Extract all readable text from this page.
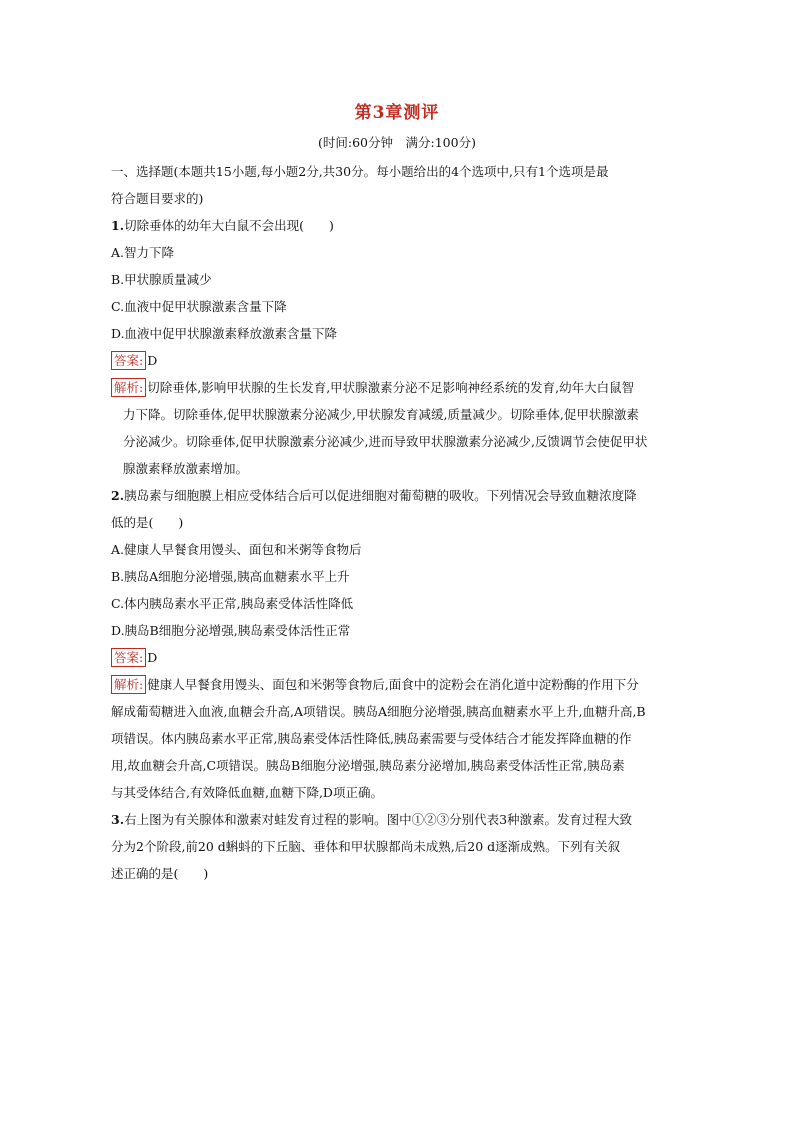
第3章测评
(时间:60分钟　满分:100分)

一、选择题(本题共15小题,每小题2分,共30分。每小题给出的4个选项中,只有1个选项是最

符合题目要求的)

1.切除垂体的幼年大白鼠不会出现(　　)

A.智力下降

B.甲状腺质量减少

C.血液中促甲状腺激素含量下降

D.血液中促甲状腺激素释放激素含量下降

答案: D

解析: 切除垂体,影响甲状腺的生长发育,甲状腺激素分泌不足影响神经系统的发育,幼年大白鼠智

力下降。切除垂体,促甲状腺激素分泌减少,甲状腺发育减缓,质量减少。切除垂体,促甲状腺激素

分泌减少。切除垂体,促甲状腺激素分泌减少,进而导致甲状腺激素分泌减少,反馈调节会使促甲状

腺激素释放激素增加。

2.胰岛素与细胞膜上相应受体结合后可以促进细胞对葡萄糖的吸收。下列情况会导致血糖浓度降

低的是(　　)

A.健康人早餐食用馒头、面包和米粥等食物后

B.胰岛A细胞分泌增强,胰高血糖素水平上升

C.体内胰岛素水平正常,胰岛素受体活性降低

D.胰岛B细胞分泌增强,胰岛素受体活性正常

答案: D

解析: 健康人早餐食用馒头、面包和米粥等食物后,面食中的淀粉会在消化道中淀粉酶的作用下分

解成葡萄糖进入血液,血糖会升高,A项错误。胰岛A细胞分泌增强,胰高血糖素水平上升,血糖升高,B

项错误。体内胰岛素水平正常,胰岛素受体活性降低,胰岛素需要与受体结合才能发挥降血糖的作

用,故血糖会升高,C项错误。胰岛B细胞分泌增强,胰岛素分泌增加,胰岛素受体活性正常,胰岛素

与其受体结合,有效降低血糖,血糖下降,D项正确。

3.右上图为有关腺体和激素对蛙发育过程的影响。图中①②③分别代表3种激素。发育过程大致

分为2个阶段,前20 d蝌蚪的下丘脑、垂体和甲状腺都尚未成熟,后20 d逐渐成熟。下列有关叙

述正确的是(　　)
